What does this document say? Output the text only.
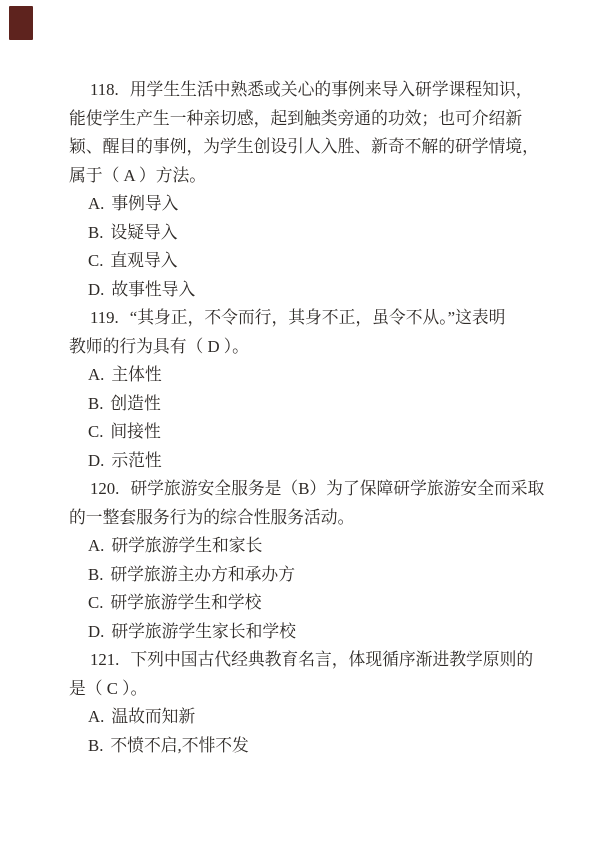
118. 用学生生活中熟悉或关心的事例来导入研学课程知识，
能使学生产生一种亲切感，起到触类旁通的功效；也可介绍新
颖、醒目的事例，为学生创设引人入胜、新奇不解的研学情境，
属于（ A ）方法。
A. 事例导入
B. 设疑导入
C. 直观导入
D. 故事性导入
119. “其身正，不令而行，其身不正，虽令不从。”这表明
教师的行为具有（ D ）。
A. 主体性
B. 创造性
C. 间接性
D. 示范性
120. 研学旅游安全服务是（B）为了保障研学旅游安全而采取
的一整套服务行为的综合性服务活动。
A. 研学旅游学生和家长
B. 研学旅游主办方和承办方
C. 研学旅游学生和学校
D. 研学旅游学生家长和学校
121. 下列中国古代经典教育名言，体现循序渐进教学原则的
是（ C ）。
A. 温故而知新
B. 不愤不启,不悱不发
